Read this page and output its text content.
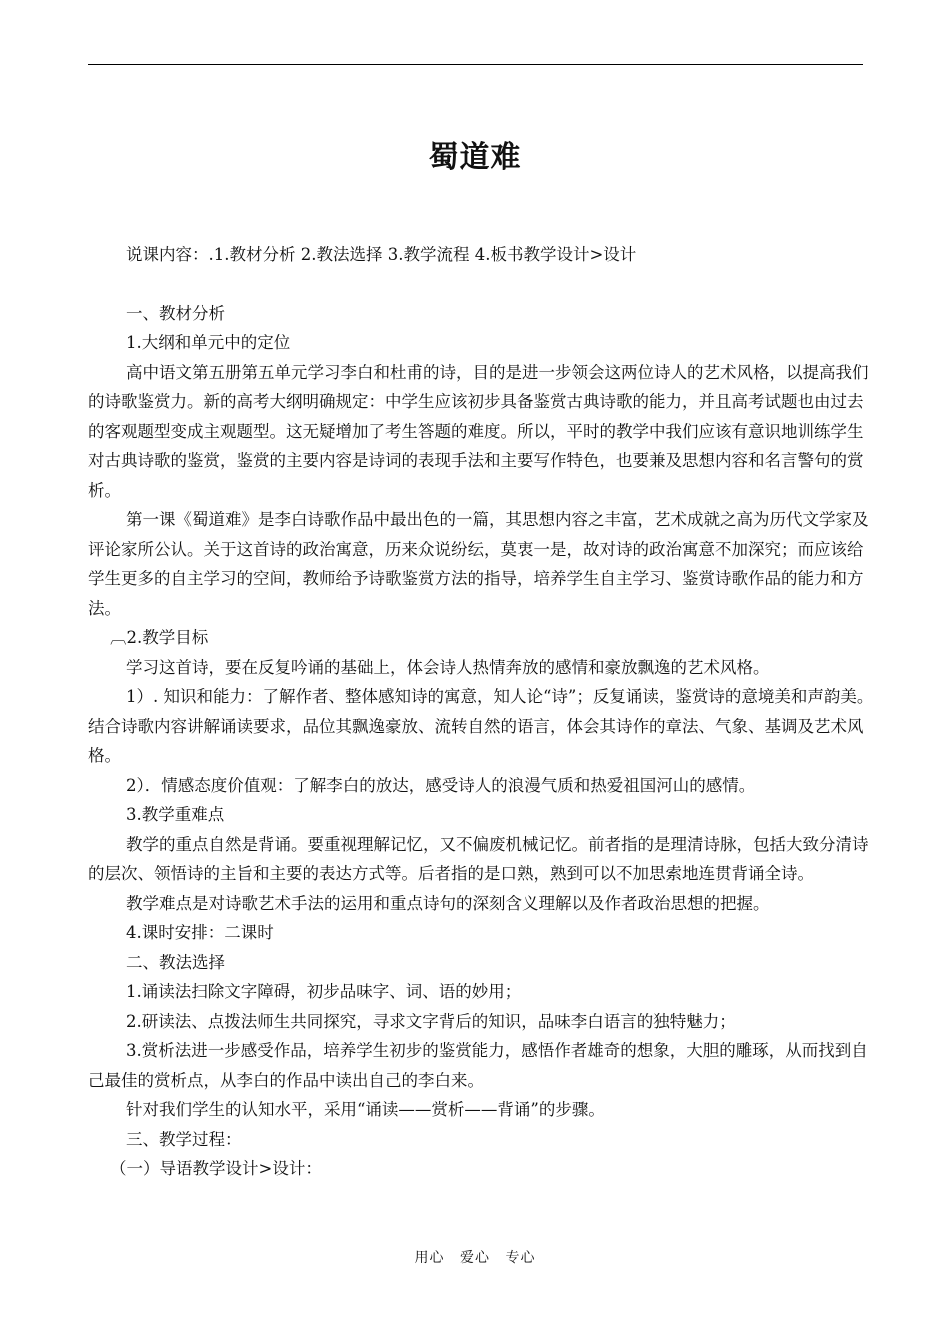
蜀道难

说课内容：.1.教材分析 2.教法选择 3.教学流程 4.板书教学设计>设计

一、教材分析

1.大纲和单元中的定位

高中语文第五册第五单元学习李白和杜甫的诗，目的是进一步领会这两位诗人的艺术风格，以提高我们的诗歌鉴赏力。新的高考大纲明确规定：中学生应该初步具备鉴赏古典诗歌的能力，并且高考试题也由过去的客观题型变成主观题型。这无疑增加了考生答题的难度。所以，平时的教学中我们应该有意识地训练学生对古典诗歌的鉴赏，鉴赏的主要内容是诗词的表现手法和主要写作特色，也要兼及思想内容和名言警句的赏析。

第一课《蜀道难》是李白诗歌作品中最出色的一篇，其思想内容之丰富，艺术成就之高为历代文学家及评论家所公认。关于这首诗的政治寓意，历来众说纷纭，莫衷一是，故对诗的政治寓意不加深究；而应该给学生更多的自主学习的空间，教师给予诗歌鉴赏方法的指导，培养学生自主学习、鉴赏诗歌作品的能力和方法。

︹2.教学目标

学习这首诗，要在反复吟诵的基础上，体会诗人热情奔放的感情和豪放飘逸的艺术风格。

1）. 知识和能力：了解作者、整体感知诗的寓意，知人论“诗”；反复诵读，鉴赏诗的意境美和声韵美。结合诗歌内容讲解诵读要求，品位其飘逸豪放、流转自然的语言，体会其诗作的章法、气象、基调及艺术风格。

2）．情感态度价值观：了解李白的放达，感受诗人的浪漫气质和热爱祖国河山的感情。

3.教学重难点

教学的重点自然是背诵。要重视理解记忆，又不偏废机械记忆。前者指的是理清诗脉，包括大致分清诗的层次、领悟诗的主旨和主要的表达方式等。后者指的是口熟，熟到可以不加思索地连贯背诵全诗。

教学难点是对诗歌艺术手法的运用和重点诗句的深刻含义理解以及作者政治思想的把握。

4.课时安排：二课时

二、教法选择

1.诵读法扫除文字障碍，初步品味字、词、语的妙用；

2.研读法、点拨法师生共同探究，寻求文字背后的知识，品味李白语言的独特魅力；

3.赏析法进一步感受作品，培养学生初步的鉴赏能力，感悟作者雄奇的想象，大胆的雕琢，从而找到自己最佳的赏析点，从李白的作品中读出自己的李白来。

针对我们学生的认知水平，采用“诵读——赏析——背诵”的步骤。

三、教学过程：

（一）导语教学设计>设计：

用心 爱心 专心
